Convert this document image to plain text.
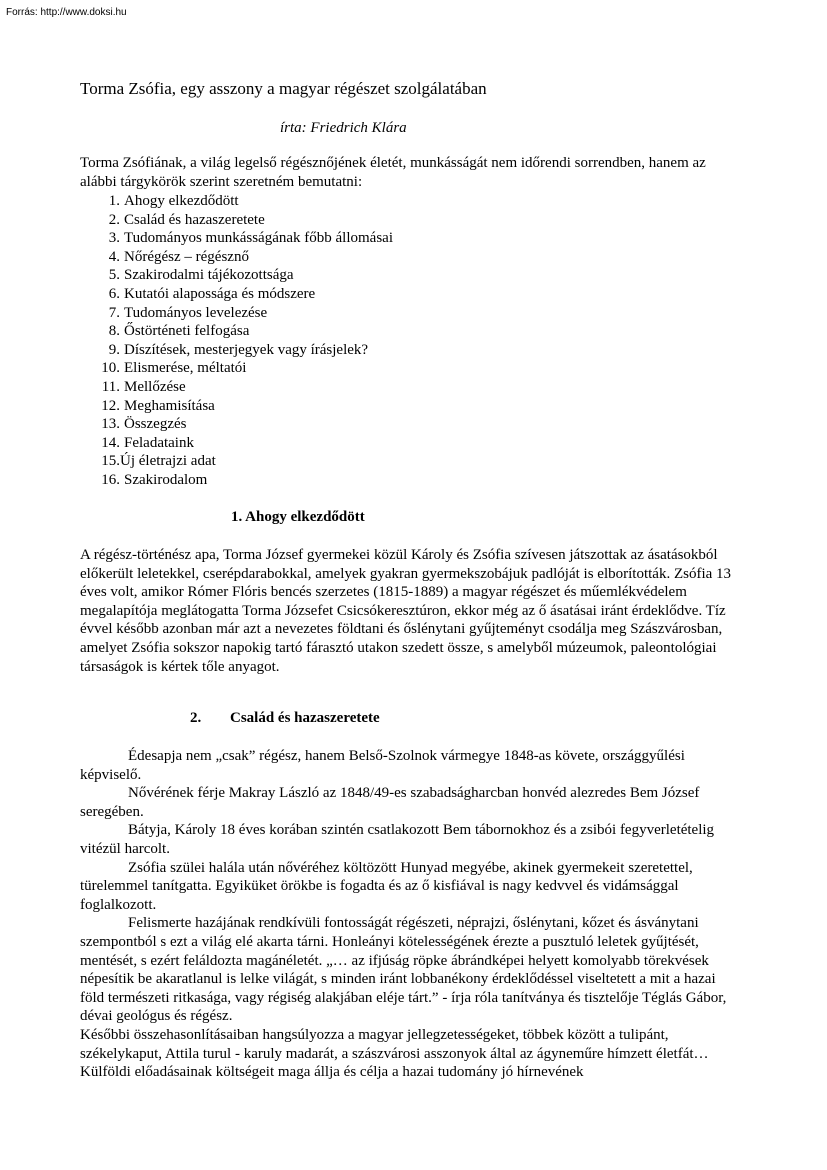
Forrás: http://www.doksi.hu
Torma Zsófia, egy asszony a magyar régészet szolgálatában
írta: Friedrich Klára
Torma Zsófiának, a világ legelső régésznőjének életét, munkásságát nem időrendi sorrendben, hanem az alábbi tárgykörök szerint szeretném bemutatni:
1. Ahogy elkezdődött
2. Család és hazaszeretete
3. Tudományos munkásságának főbb állomásai
4. Nőrégész – régésznő
5. Szakirodalmi tájékozottsága
6. Kutatói alapossága és módszere
7. Tudományos levelezése
8. Őstörténeti felfogása
9. Díszítések, mesterjegyek vagy írásjelek?
10. Elismerése, méltatói
11. Mellőzése
12. Meghamisítása
13. Összegzés
14. Feladataink
15. Új életrajzi adat
16. Szakirodalom
1. Ahogy elkezdődött
A régész-történész apa, Torma József gyermekei közül Károly és Zsófia szívesen játszottak az ásatásokból előkerült leletekkel, cserépdarabokkal, amelyek gyakran gyermekszobájuk padlóját is elborították. Zsófia 13 éves volt, amikor Rómer Flóris bencés szerzetes (1815-1889) a magyar régészet és műemlékvédelem megalapítója meglátogatta Torma Józsefet Csicsókeresztúron, ekkor még az ő ásatásai iránt érdeklődve. Tíz évvel később azonban már azt a nevezetes földtani és őslénytani gyűjteményt csodálja meg Szászvárosban, amelyet Zsófia sokszor napokig tartó fárasztó utakon szedett össze, s amelyből múzeumok, paleontológiai társaságok is kértek tőle anyagot.
2. Család és hazaszeretete

Édesapja nem „csak” régész, hanem Belső-Szolnok vármegye 1848-as követe, országgyűlési képviselő.

Nővérének férje Makray László az 1848/49-es szabadságharcban honvéd alezredes Bem József seregében.

Bátyja, Károly 18 éves korában szintén csatlakozott Bem tábornokhoz és a zsibói fegyverletételig vitézül harcolt.

Zsófia szülei halála után nővéréhez költözött Hunyad megyébe, akinek gyermekeit szeretettel, türelemmel tanítgatta. Egyiküket örökbe is fogadta és az ő kisfiával is nagy kedvvel és vidámsággal foglalkozott.

Felismerte hazájának rendkívüli fontosságát régészeti, néprajzi, őslénytani, kőzet és ásványtani szempontból s ezt a világ elé akarta tárni. Honleányi kötelességének érezte a pusztuló leletek gyűjtését, mentését, s ezért feláldozta magánéletét. „… az ifjúság röpke ábrándképei helyett komolyabb törekvések népesítik be akaratlanul is lelke világát, s minden iránt lobbanékony érdeklődéssel viseltetett a mit a hazai föld természeti ritkasága, vagy régiség alakjában eléje tárt.” - írja róla tanítványa és tisztelője Téglás Gábor, dévai geológus és régész.

Későbbi összehasonlításaiban hangsúlyozza a magyar jellegzetességeket, többek között a tulipánt, székelykaput, Attila turul - karuly madarát, a szászvárosi asszonyok által az ágyneműre hímzett életfát… Külföldi előadásainak költségeit maga állja és célja a hazai tudomány jó hírnevének
